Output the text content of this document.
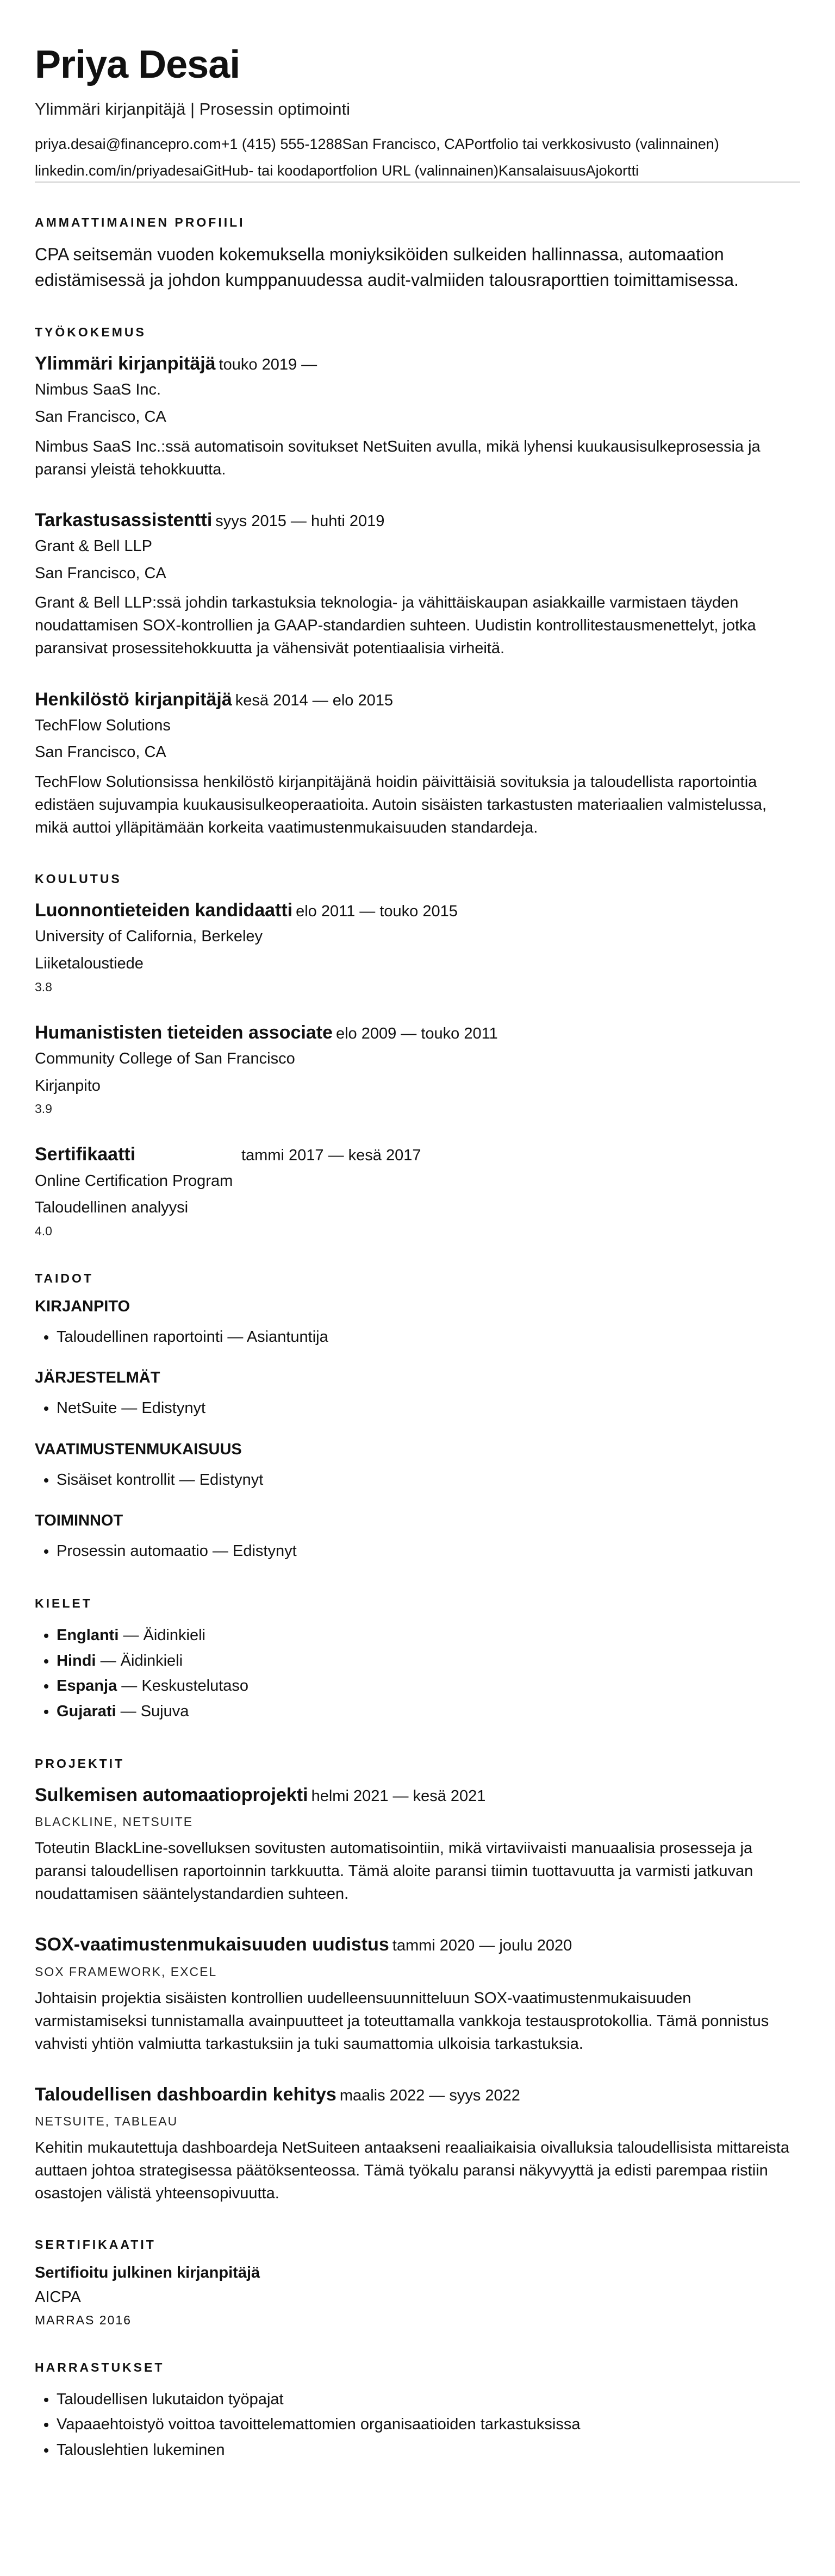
Priya Desai
Ylimmäri kirjanpitäjä | Prosessin optimointi
priya.desai@financepro.com+1 (415) 555-1288San Francisco, CAPortfolio tai verkkosivusto (valinnainen)
linkedin.com/in/priyadesaiGitHub- tai koodaportfolion URL (valinnainen)KansalaisuusAjokortti
AMMATTIMAINEN PROFIILI

CPA seitsemän vuoden kokemuksella moniyksiköiden sulkeiden hallinnassa, automaation edistämisessä ja johdon kumppanuudessa audit-valmiiden talousraporttien toimittamisessa.

TYÖKOKEMUS
Ylimmäri kirjanpitäjä touko 2019 —
Nimbus SaaS Inc.
San Francisco, CA
Nimbus SaaS Inc.:ssä automatisoin sovitukset NetSuiten avulla, mikä lyhensi kuukausisulkeprosessia ja paransi yleistä tehokkuutta.
Tarkastusassistentti syys 2015 — huhti 2019
Grant & Bell LLP
San Francisco, CA
Grant & Bell LLP:ssä johdin tarkastuksia teknologia- ja vähittäiskaupan asiakkaille varmistaen täyden noudattamisen SOX-kontrollien ja GAAP-standardien suhteen. Uudistin kontrollitestausmenettelyt, jotka paransivat prosessitehokkuutta ja vähensivät potentiaalisia virheitä.
Henkilöstö kirjanpitäjä kesä 2014 — elo 2015
TechFlow Solutions
San Francisco, CA
TechFlow Solutionsissa henkilöstö kirjanpitäjänä hoidin päivittäisiä sovituksia ja taloudellista raportointia edistäen sujuvampia kuukausisulkeoperaatioita. Autoin sisäisten tarkastusten materiaalien valmistelussa, mikä auttoi ylläpitämään korkeita vaatimustenmukaisuuden standardeja.
KOULUTUS
Luonnontieteiden kandidaatti elo 2011 — touko 2015
University of California, Berkeley
Liiketaloustiede
3.8
Humanististen tieteiden associate elo 2009 — touko 2011
Community College of San Francisco
Kirjanpito
3.9
Sertifikaatti	tammi 2017 — kesä 2017
Online Certification Program
Taloudellinen analyysi
4.0
TAIDOT
KIRJANPITO
• Taloudellinen raportointi — Asiantuntija
JÄRJESTELMÄT
• NetSuite — Edistynyt
VAATIMUSTENMUKAISUUS
• Sisäiset kontrollit — Edistynyt
TOIMINNOT
• Prosessin automaatio — Edistynyt
KIELET
• Englanti — Äidinkieli
• Hindi — Äidinkieli
• Espanja — Keskustelutaso
• Gujarati — Sujuva
PROJEKTIT
Sulkemisen automaatioprojekti helmi 2021 — kesä 2021
BLACKLINE, NETSUITE
Toteutin BlackLine-sovelluksen sovitusten automatisointiin, mikä virtaviivaisti manuaalisia prosesseja ja paransi taloudellisen raportoinnin tarkkuutta. Tämä aloite paransi tiimin tuottavuutta ja varmisti jatkuvan noudattamisen sääntelystandardien suhteen.
SOX-vaatimustenmukaisuuden uudistus tammi 2020 — joulu 2020
SOX FRAMEWORK, EXCEL
Johtaisin projektia sisäisten kontrollien uudelleensuunnitteluun SOX-vaatimustenmukaisuuden varmistamiseksi tunnistamalla avainpuutteet ja toteuttamalla vankkoja testausprotokollia. Tämä ponnistus vahvisti yhtiön valmiutta tarkastuksiin ja tuki saumattomia ulkoisia tarkastuksia.
Taloudellisen dashboardin kehitys maalis 2022 — syys 2022
NETSUITE, TABLEAU
Kehitin mukautettuja dashboardeja NetSuiteen antaakseni reaaliaikaisia oivalluksia taloudellisista mittareista auttaen johtoa strategisessa päätöksenteossa. Tämä työkalu paransi näkyvyyttä ja edisti parempaa ristiin osastojen välistä yhteensopivuutta.
SERTIFIKAATIT
Sertifioitu julkinen kirjanpitäjä
AICPA
MARRAS 2016
HARRASTUKSET
• Taloudellisen lukutaidon työpajat
• Vapaaehtoistyö voittoa tavoittelemattomien organisaatioiden tarkastuksissa
• Talouslehtien lukeminen
